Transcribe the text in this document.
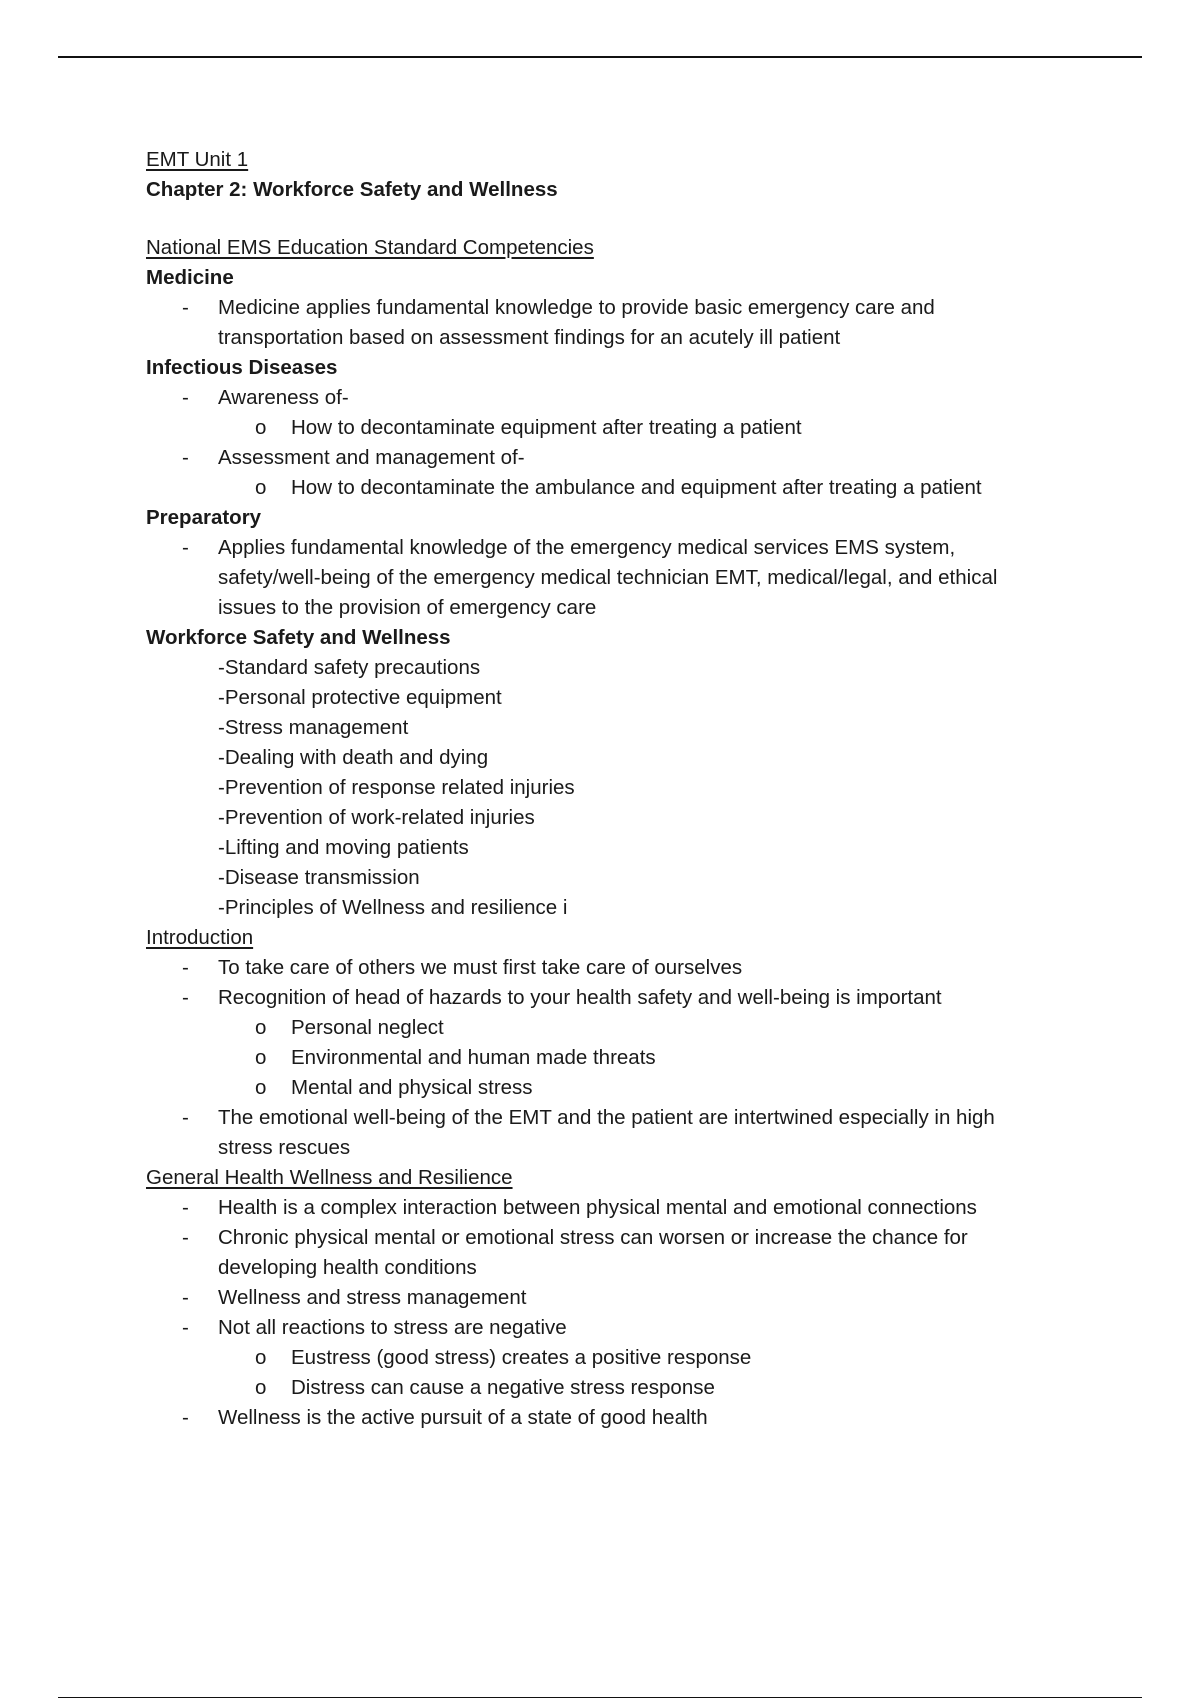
EMT Unit 1
Chapter 2: Workforce Safety and Wellness
National EMS Education Standard Competencies
Medicine
- Medicine applies fundamental knowledge to provide basic emergency care and
transportation based on assessment findings for an acutely ill patient
Infectious Diseases
- Awareness of-
o How to decontaminate equipment after treating a patient
- Assessment and management of-
o How to decontaminate the ambulance and equipment after treating a patient
Preparatory
- Applies fundamental knowledge of the emergency medical services EMS system,
safety/well-being of the emergency medical technician EMT, medical/legal, and ethical
issues to the provision of emergency care
Workforce Safety and Wellness
-Standard safety precautions
-Personal protective equipment
-Stress management
-Dealing with death and dying
-Prevention of response related injuries
-Prevention of work-related injuries
-Lifting and moving patients
-Disease transmission
-Principles of Wellness and resilience i
Introduction
- To take care of others we must first take care of ourselves
- Recognition of head of hazards to your health safety and well-being is important
o Personal neglect
o Environmental and human made threats
o Mental and physical stress
- The emotional well-being of the EMT and the patient are intertwined especially in high
stress rescues
General Health Wellness and Resilience
- Health is a complex interaction between physical mental and emotional connections
- Chronic physical mental or emotional stress can worsen or increase the chance for
developing health conditions
- Wellness and stress management
- Not all reactions to stress are negative
o Eustress (good stress) creates a positive response
o Distress can cause a negative stress response
- Wellness is the active pursuit of a state of good health
